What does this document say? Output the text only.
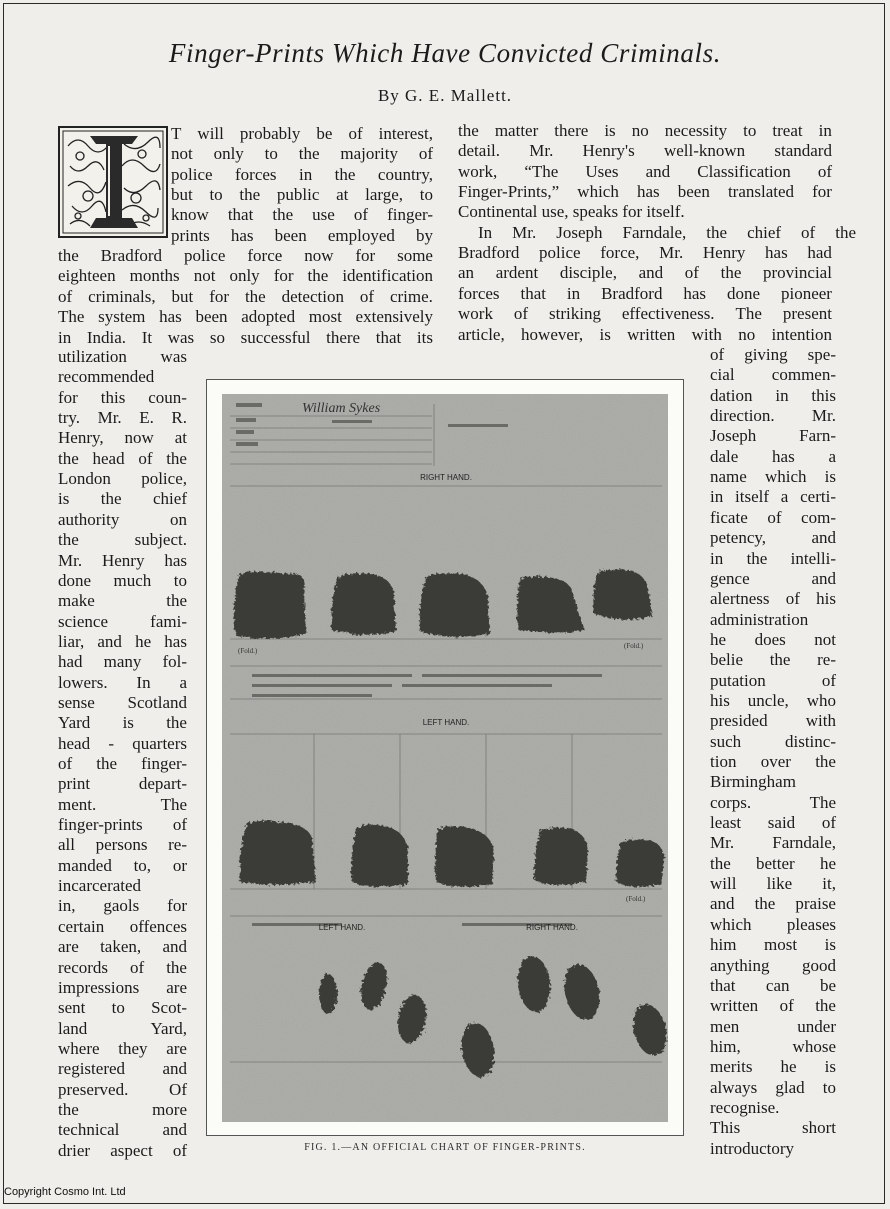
Finger-Prints Which Have Convicted Criminals.
By G. E. Mallett.
T will probably be of interest,
not only to the majority of
police forces in the country,
but to the public at large, to
know that the use of finger-
prints has been employed by
the Bradford police force now for some
eighteen months not only for the identification
of criminals, but for the detection of crime.
The system has been adopted most extensively
in India. It was so successful there that its
utilization was
recommended
for this coun-
try. Mr. E. R.
Henry, now at
the head of the
London police,
is the chief
authority	on
the	subject.
Mr. Henry has
done much to
make	the
science fami-
liar, and he has
had many fol-
lowers. In a
sense Scotland
Yard is the
head - quarters
of the finger-
print	depart-
ment.	The
finger-prints of
all persons re-
manded to, or
incarcerated
in, gaols for
certain offences
are taken, and
records of the
impressions are
sent to Scot-
land	Yard,
where they are
registered and
preserved. Of
the	more
technical	and
drier aspect of
the matter there is no necessity to treat in
detail. Mr. Henry's well-known standard
work, “The Uses and Classification of
Finger-Prints,” which has been translated for
Continental use, speaks for itself.
In	Mr.	Joseph	Farndale,	the	chief	of	the
Bradford police force, Mr. Henry has had
an ardent disciple, and of the provincial
forces that in Bradford has done pioneer
work of striking effectiveness. The present
article, however, is written with no intention
of giving spe-
cial commen-
dation in this
direction. Mr.
Joseph	Farn-
dale has a
name which is
in itself a certi-
ficate of com-
petency,	and
in the intelli-
gence	and
alertness of his
administration
he does not
belie the re-
putation	of
his uncle, who
presided with
such	distinc-
tion over the
Birmingham
corps.	The
least said of
Mr. Farndale,
the better he
will like it,
and the praise
which pleases
him most is
anything good
that can be
written of the
men	under
him,	whose
merits he is
always glad to
recognise.
This	short
introductory
William Sykes
RIGHT HAND.
LEFT HAND.
LEFT HAND.	RIGHT HAND.
(Fold.)
(Fold.)
(Fold.)
FIG. 1.—AN OFFICIAL CHART OF FINGER-PRINTS.
Copyright Cosmo Int. Ltd
